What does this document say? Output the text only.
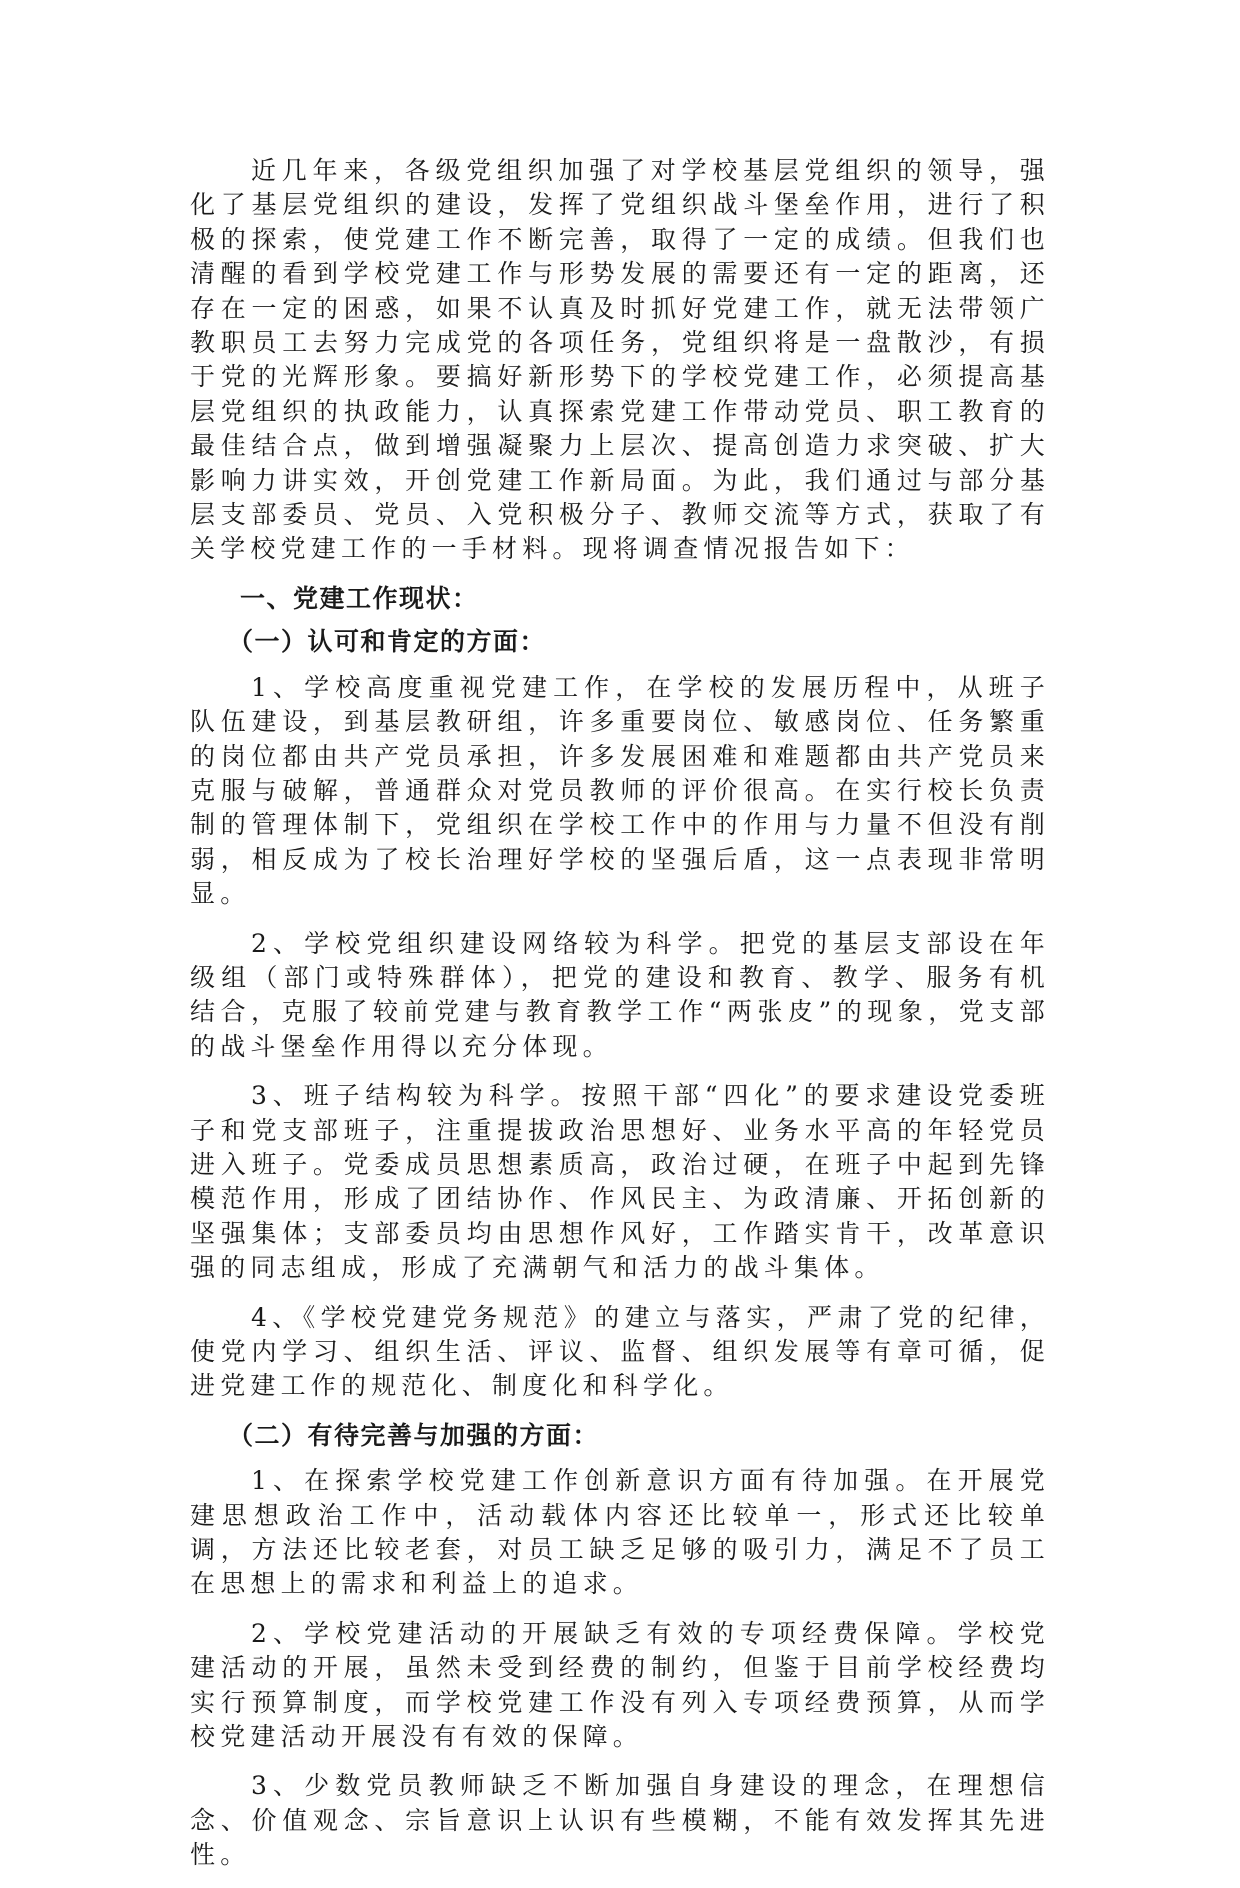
近几年来，各级党组织加强了对学校基层党组织的领导，强化了基层党组织的建设，发挥了党组织战斗堡垒作用，进行了积极的探索，使党建工作不断完善，取得了一定的成绩。但我们也清醒的看到学校党建工作与形势发展的需要还有一定的距离，还存在一定的困惑，如果不认真及时抓好党建工作，就无法带领广教职员工去努力完成党的各项任务，党组织将是一盘散沙，有损于党的光辉形象。要搞好新形势下的学校党建工作，必须提高基层党组织的执政能力，认真探索党建工作带动党员、职工教育的最佳结合点，做到增强凝聚力上层次、提高创造力求突破、扩大影响力讲实效，开创党建工作新局面。为此，我们通过与部分基层支部委员、党员、入党积极分子、教师交流等方式，获取了有关学校党建工作的一手材料。现将调查情况报告如下：

一、党建工作现状：
（一）认可和肯定的方面：

1、学校高度重视党建工作，在学校的发展历程中，从班子队伍建设，到基层教研组，许多重要岗位、敏感岗位、任务繁重的岗位都由共产党员承担，许多发展困难和难题都由共产党员来克服与破解，普通群众对党员教师的评价很高。在实行校长负责制的管理体制下，党组织在学校工作中的作用与力量不但没有削弱，相反成为了校长治理好学校的坚强后盾，这一点表现非常明显。

2、学校党组织建设网络较为科学。把党的基层支部设在年级组（部门或特殊群体），把党的建设和教育、教学、服务有机结合，克服了较前党建与教育教学工作“两张皮”的现象，党支部的战斗堡垒作用得以充分体现。

3、班子结构较为科学。按照干部“四化”的要求建设党委班子和党支部班子，注重提拔政治思想好、业务水平高的年轻党员进入班子。党委成员思想素质高，政治过硬，在班子中起到先锋模范作用，形成了团结协作、作风民主、为政清廉、开拓创新的坚强集体；支部委员均由思想作风好，工作踏实肯干，改革意识强的同志组成，形成了充满朝气和活力的战斗集体。

4、《学校党建党务规范》的建立与落实，严肃了党的纪律，使党内学习、组织生活、评议、监督、组织发展等有章可循，促进党建工作的规范化、制度化和科学化。

（二）有待完善与加强的方面：

1、在探索学校党建工作创新意识方面有待加强。在开展党建思想政治工作中，活动载体内容还比较单一，形式还比较单调，方法还比较老套，对员工缺乏足够的吸引力，满足不了员工在思想上的需求和利益上的追求。

2、学校党建活动的开展缺乏有效的专项经费保障。学校党建活动的开展，虽然未受到经费的制约，但鉴于目前学校经费均实行预算制度，而学校党建工作没有列入专项经费预算，从而学校党建活动开展没有有效的保障。

3、少数党员教师缺乏不断加强自身建设的理念，在理想信念、价值观念、宗旨意识上认识有些模糊，不能有效发挥其先进性。
